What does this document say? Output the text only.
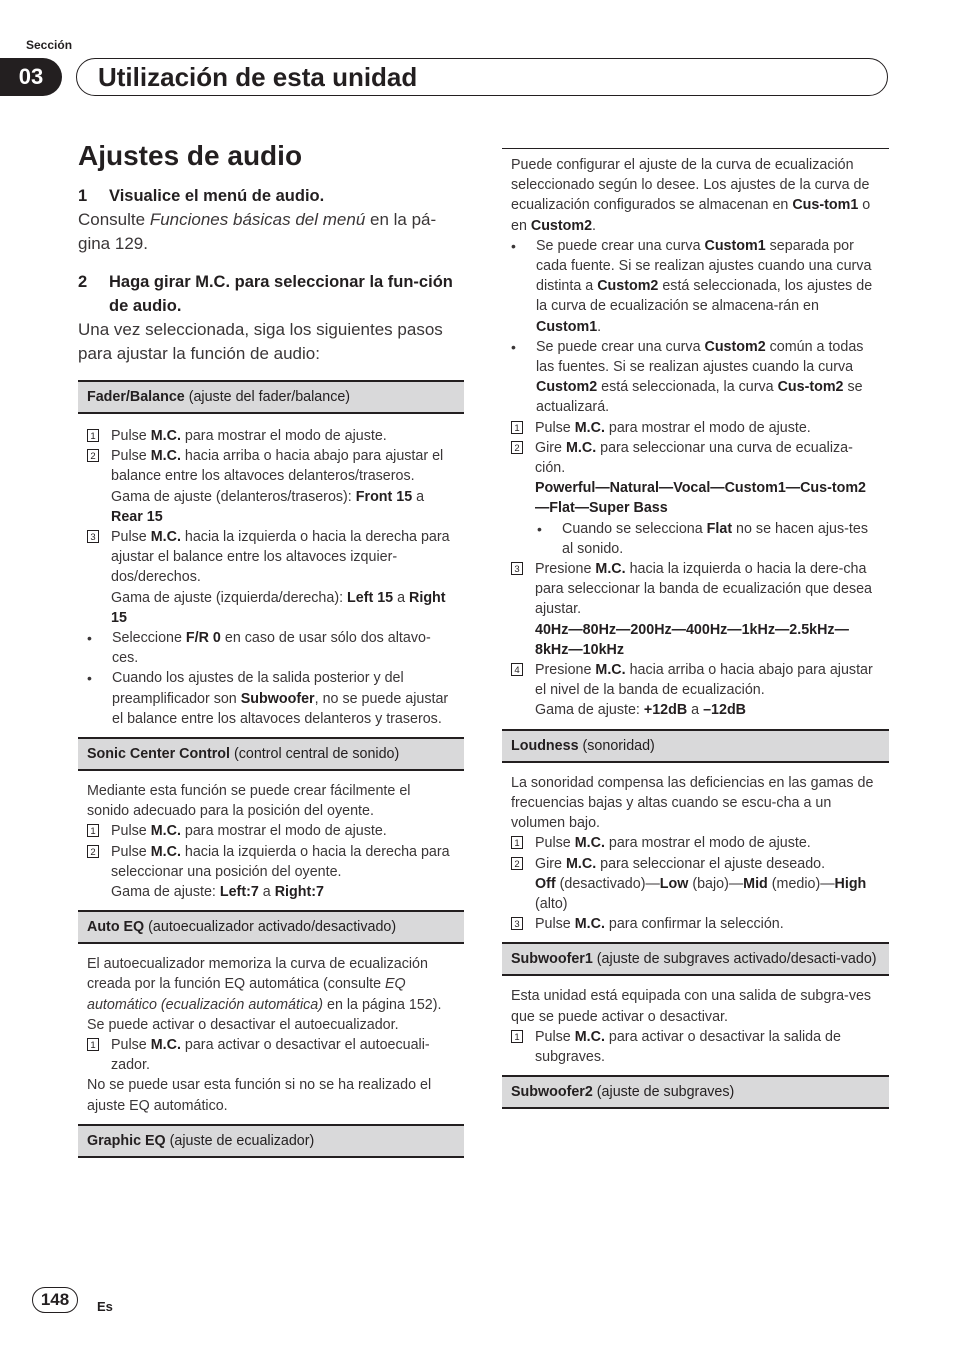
Sección
03	Utilización de esta unidad
Ajustes de audio
1	Visualice el menú de audio.
Consulte Funciones básicas del menú en la pá-gina 129.
2	Haga girar M.C. para seleccionar la fun-ción de audio.
Una vez seleccionada, siga los siguientes pasos para ajustar la función de audio:
Fader/Balance (ajuste del fader/balance)
1 Pulse M.C. para mostrar el modo de ajuste.
2 Pulse M.C. hacia arriba o hacia abajo para ajustar el balance entre los altavoces delanteros/traseros.
Gama de ajuste (delanteros/traseros): Front 15 a Rear 15
3 Pulse M.C. hacia la izquierda o hacia la derecha para ajustar el balance entre los altavoces izquier-dos/derechos.
Gama de ajuste (izquierda/derecha): Left 15 a Right 15
•	Seleccione F/R 0 en caso de usar sólo dos altavo-ces.
•	Cuando los ajustes de la salida posterior y del preamplificador son Subwoofer, no se puede ajustar el balance entre los altavoces delanteros y traseros.
Sonic Center Control (control central de sonido)

Mediante esta función se puede crear fácilmente el sonido adecuado para la posición del oyente.

1 Pulse M.C. para mostrar el modo de ajuste.
2 Pulse M.C. hacia la izquierda o hacia la derecha para seleccionar una posición del oyente.
Gama de ajuste: Left:7 a Right:7
Auto EQ (autoecualizador activado/desactivado)

El autoecualizador memoriza la curva de ecualización creada por la función EQ automática (consulte EQ automático (ecualización automática) en la página 152).

Se puede activar o desactivar el autoecualizador.

1 Pulse M.C. para activar o desactivar el autoecuali-zador.

No se puede usar esta función si no se ha realizado el ajuste EQ automático.

Graphic EQ (ajuste de ecualizador)

Puede configurar el ajuste de la curva de ecualización seleccionado según lo desee. Los ajustes de la curva de ecualización configurados se almacenan en Cus-tom1 o en Custom2.

•	Se puede crear una curva Custom1 separada por cada fuente. Si se realizan ajustes cuando una curva distinta a Custom2 está seleccionada, los ajustes de la curva de ecualización se almacena-rán en Custom1.
•	Se puede crear una curva Custom2 común a todas las fuentes. Si se realizan ajustes cuando la curva Custom2 está seleccionada, la curva Cus-tom2 se actualizará.
1 Pulse M.C. para mostrar el modo de ajuste.
2 Gire M.C. para seleccionar una curva de ecualiza-ción.
Powerful—Natural—Vocal—Custom1—Cus-tom2—Flat—Super Bass
•	Cuando se selecciona Flat no se hacen ajus-tes al sonido.
3 Presione M.C. hacia la izquierda o hacia la dere-cha para seleccionar la banda de ecualización que desea ajustar.
40Hz—80Hz—200Hz—400Hz—1kHz—2.5kHz—8kHz—10kHz
4 Presione M.C. hacia arriba o hacia abajo para ajustar el nivel de la banda de ecualización.
Gama de ajuste: +12dB a –12dB
Loudness (sonoridad)

La sonoridad compensa las deficiencias en las gamas de frecuencias bajas y altas cuando se escu-cha a un volumen bajo.

1 Pulse M.C. para mostrar el modo de ajuste.
2 Gire M.C. para seleccionar el ajuste deseado.
Off (desactivado)—Low (bajo)—Mid (medio)—High (alto)
3 Pulse M.C. para confirmar la selección.
Subwoofer1 (ajuste de subgraves activado/desacti-vado)

Esta unidad está equipada con una salida de subgra-ves que se puede activar o desactivar.

1 Pulse M.C. para activar o desactivar la salida de subgraves.
Subwoofer2 (ajuste de subgraves)
148	Es
